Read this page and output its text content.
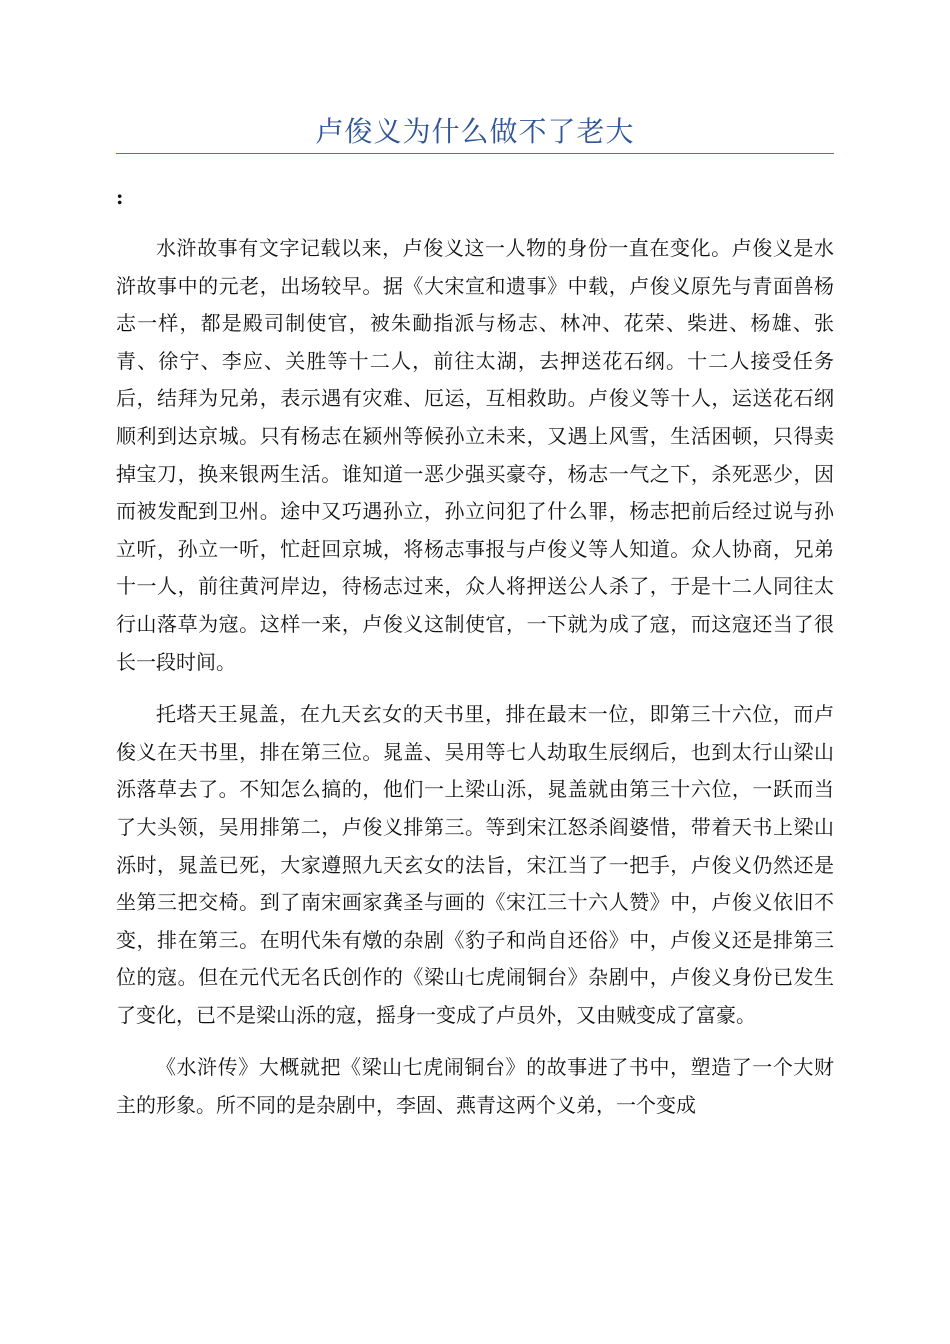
卢俊义为什么做不了老大
:

水浒故事有文字记载以来，卢俊义这一人物的身份一直在变化。卢俊义是水浒故事中的元老，出场较早。据《大宋宣和遗事》中载，卢俊义原先与青面兽杨志一样，都是殿司制使官，被朱勔指派与杨志、林冲、花荣、柴进、杨雄、张青、徐宁、李应、关胜等十二人，前往太湖，去押送花石纲。十二人接受任务后，结拜为兄弟，表示遇有灾难、厄运，互相救助。卢俊义等十人，运送花石纲顺利到达京城。只有杨志在颍州等候孙立未来，又遇上风雪，生活困顿，只得卖掉宝刀，换来银两生活。谁知道一恶少强买豪夺，杨志一气之下，杀死恶少，因而被发配到卫州。途中又巧遇孙立，孙立问犯了什么罪，杨志把前后经过说与孙立听，孙立一听，忙赶回京城，将杨志事报与卢俊义等人知道。众人协商，兄弟十一人，前往黄河岸边，待杨志过来，众人将押送公人杀了，于是十二人同往太行山落草为寇。这样一来，卢俊义这制使官，一下就为成了寇，而这寇还当了很长一段时间。

托塔天王晁盖，在九天玄女的天书里，排在最末一位，即第三十六位，而卢俊义在天书里，排在第三位。晁盖、吴用等七人劫取生辰纲后，也到太行山梁山泺落草去了。不知怎么搞的，他们一上梁山泺，晁盖就由第三十六位，一跃而当了大头领，吴用排第二，卢俊义排第三。等到宋江怒杀阎婆惜，带着天书上梁山泺时，晁盖已死，大家遵照九天玄女的法旨，宋江当了一把手，卢俊义仍然还是坐第三把交椅。到了南宋画家龚圣与画的《宋江三十六人赞》中，卢俊义依旧不变，排在第三。在明代朱有燉的杂剧《豹子和尚自还俗》中，卢俊义还是排第三位的寇。但在元代无名氏创作的《梁山七虎闹铜台》杂剧中，卢俊义身份已发生了变化，已不是梁山泺的寇，摇身一变成了卢员外，又由贼变成了富豪。

《水浒传》大概就把《梁山七虎闹铜台》的故事进了书中，塑造了一个大财主的形象。所不同的是杂剧中，李固、燕青这两个义弟，一个变成
